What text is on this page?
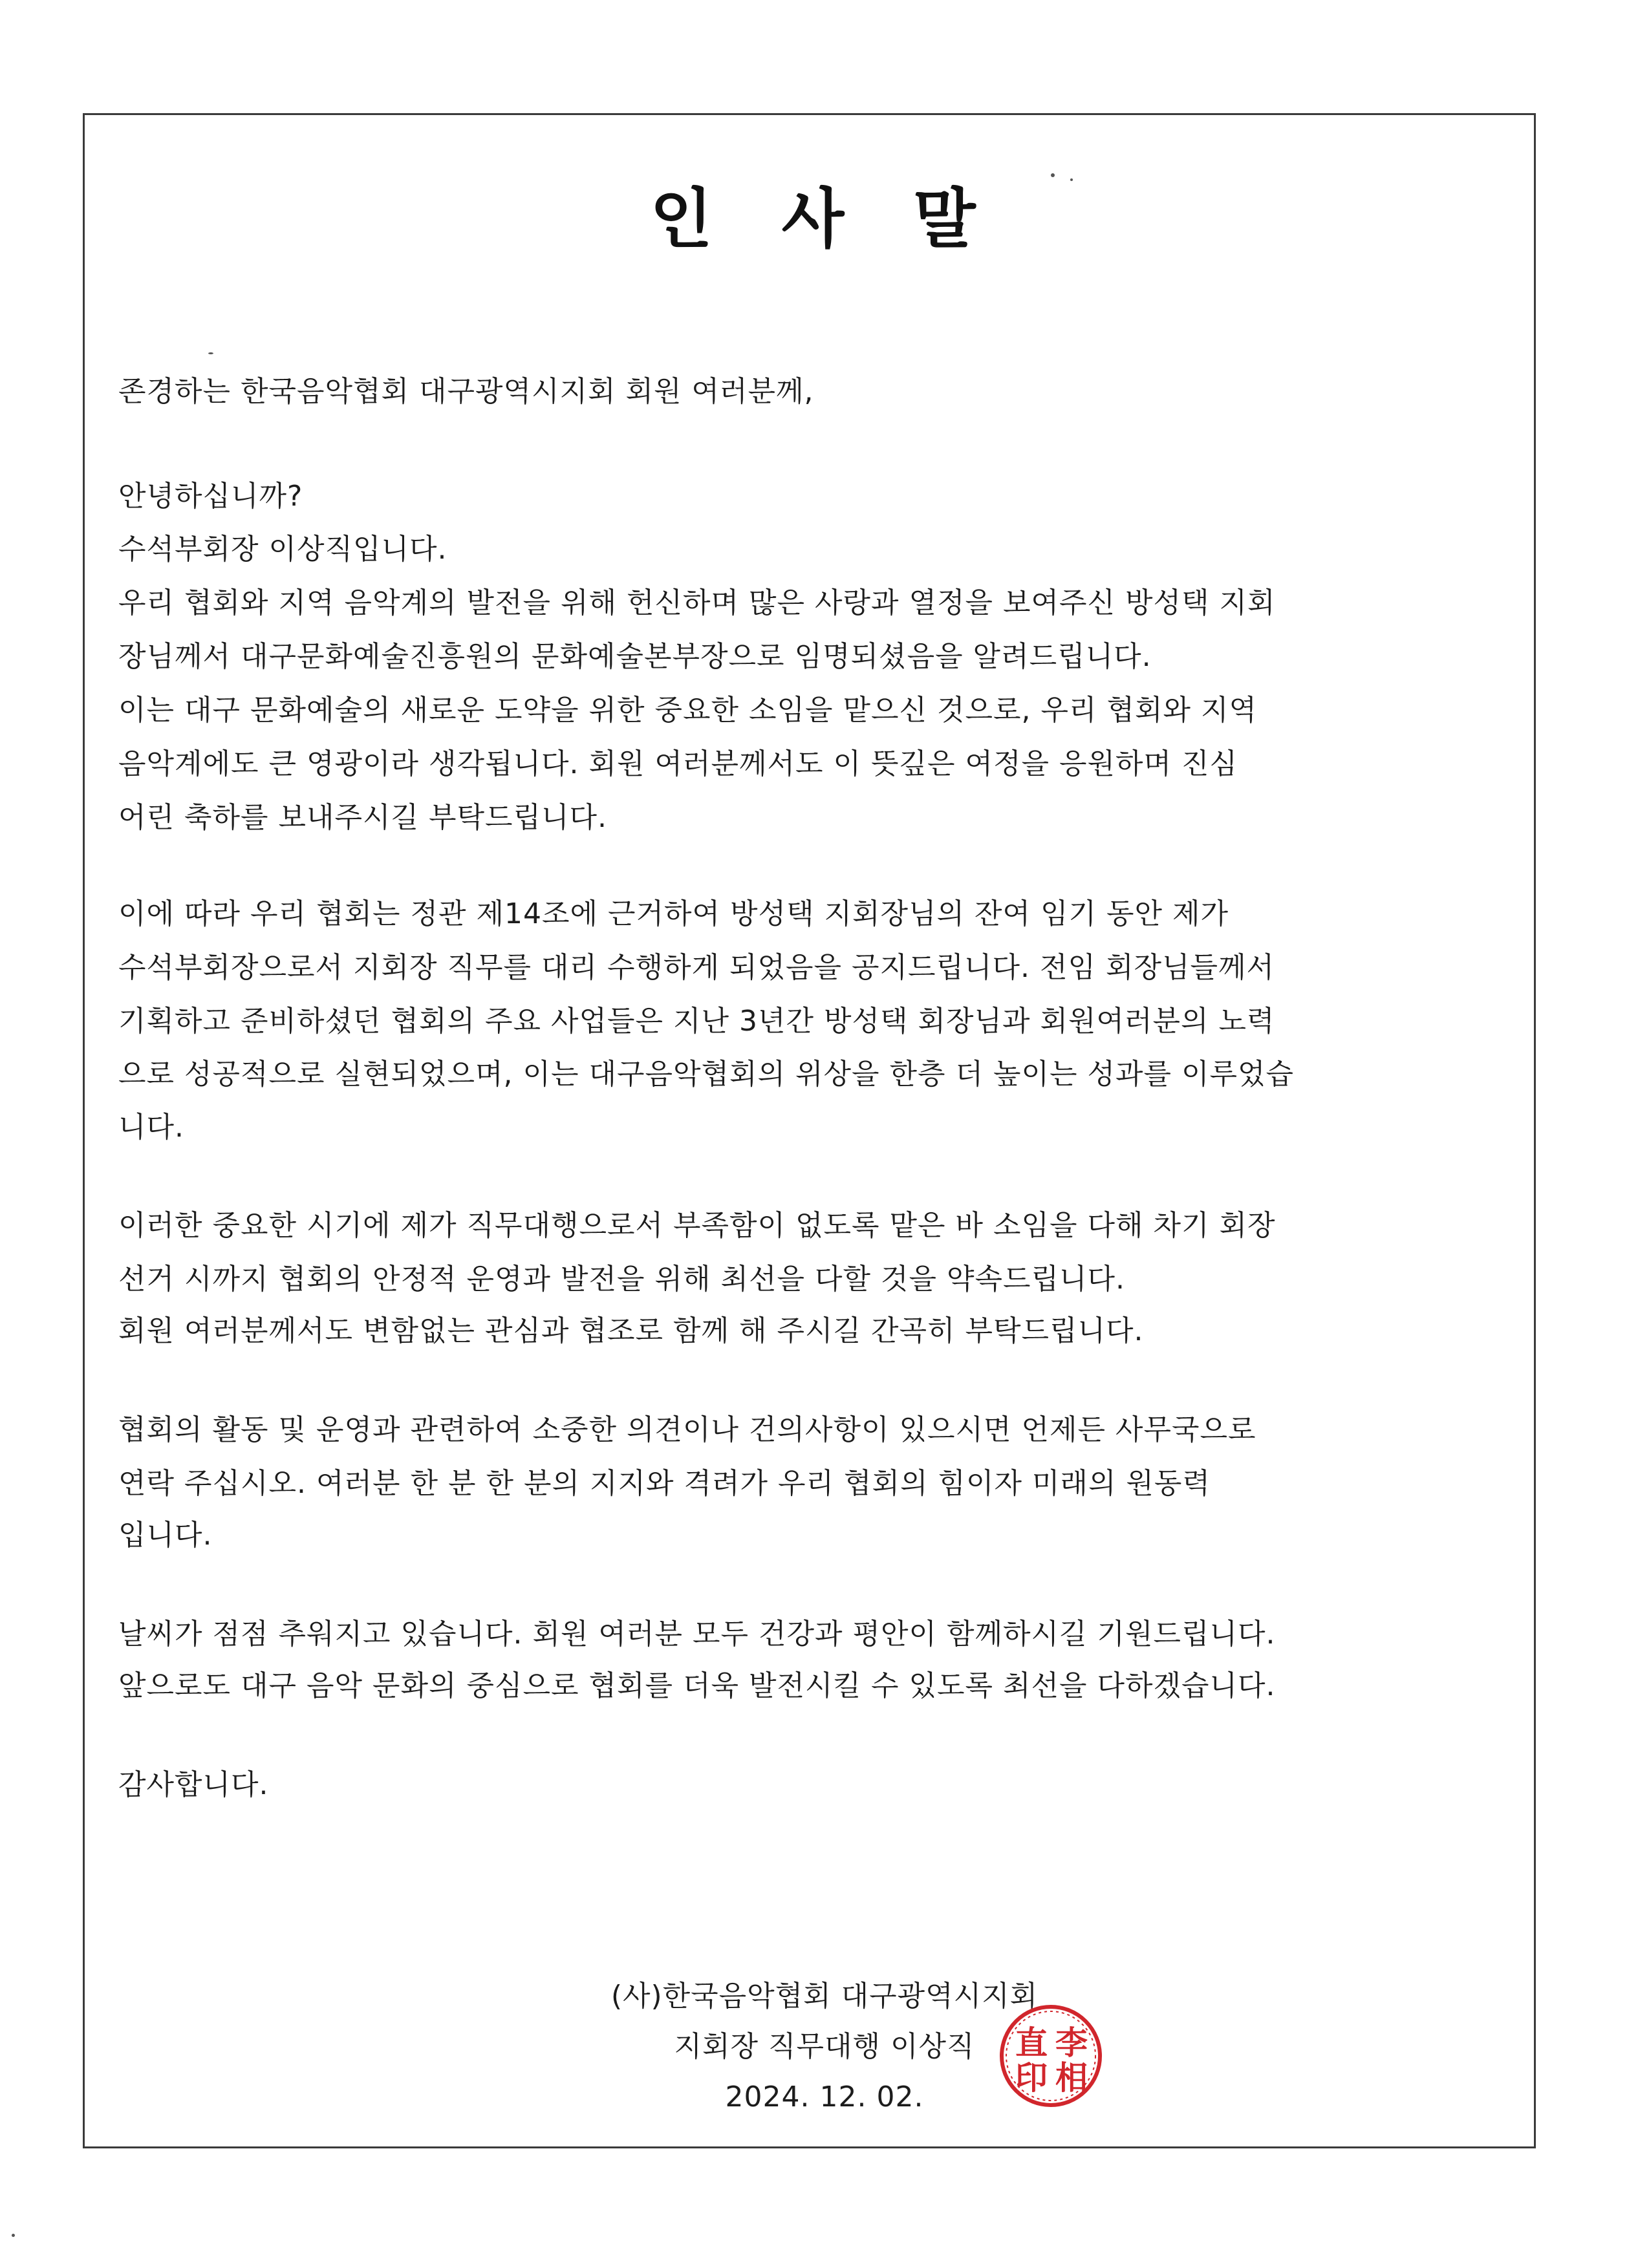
인 사 말
존경하는 한국음악협회 대구광역시지회 회원 여러분께,
안녕하십니까?
수석부회장 이상직입니다.
우리 협회와 지역 음악계의 발전을 위해 헌신하며 많은 사랑과 열정을 보여주신 방성택 지회
장님께서 대구문화예술진흥원의 문화예술본부장으로 임명되셨음을 알려드립니다.
이는 대구 문화예술의 새로운 도약을 위한 중요한 소임을 맡으신 것으로, 우리 협회와 지역
음악계에도 큰 영광이라 생각됩니다. 회원 여러분께서도 이 뜻깊은 여정을 응원하며 진심
어린 축하를 보내주시길 부탁드립니다.
이에 따라 우리 협회는 정관 제14조에 근거하여 방성택 지회장님의 잔여 임기 동안 제가
수석부회장으로서 지회장 직무를 대리 수행하게 되었음을 공지드립니다. 전임 회장님들께서
기획하고 준비하셨던 협회의 주요 사업들은 지난 3년간 방성택 회장님과 회원여러분의 노력
으로 성공적으로 실현되었으며, 이는 대구음악협회의 위상을 한층 더 높이는 성과를 이루었습
니다.
이러한 중요한 시기에 제가 직무대행으로서 부족함이 없도록 맡은 바 소임을 다해 차기 회장
선거 시까지 협회의 안정적 운영과 발전을 위해 최선을 다할 것을 약속드립니다.
회원 여러분께서도 변함없는 관심과 협조로 함께 해 주시길 간곡히 부탁드립니다.
협회의 활동 및 운영과 관련하여 소중한 의견이나 건의사항이 있으시면 언제든 사무국으로
연락 주십시오. 여러분 한 분 한 분의 지지와 격려가 우리 협회의 힘이자 미래의 원동력
입니다.
날씨가 점점 추워지고 있습니다. 회원 여러분 모두 건강과 평안이 함께하시길 기원드립니다.
앞으로도 대구 음악 문화의 중심으로 협회를 더욱 발전시킬 수 있도록 최선을 다하겠습니다.
감사합니다.
(사)한국음악협회 대구광역시지회
지회장 직무대행 이상직
2024. 12. 02.
李
相
直
印
